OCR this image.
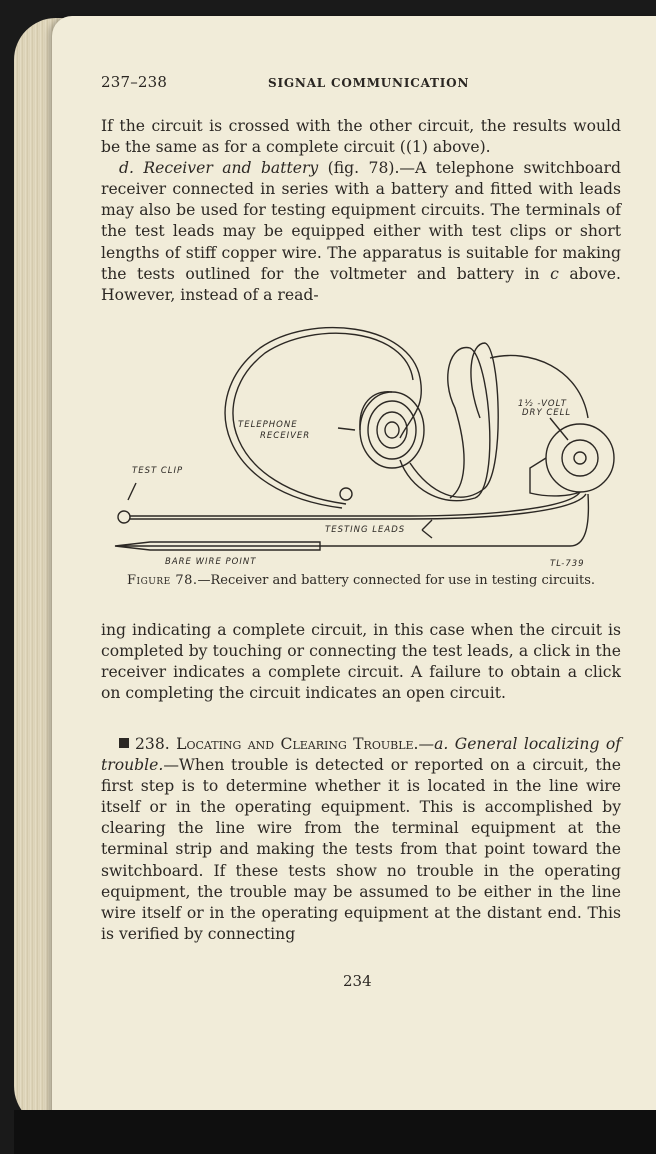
237–238	SIGNAL COMMUNICATION

If the circuit is crossed with the other circuit, the results would be the same as for a complete circuit ((1) above).

d. Receiver and battery (fig. 78).—A telephone switchboard receiver connected in series with a battery and fitted with leads may also be used for testing equipment circuits. The terminals of the test leads may be equipped either with test clips or short lengths of stiff copper wire. The apparatus is suitable for making the tests outlined for the voltmeter and battery in c above. However, instead of a read-

TELEPHONE
RECEIVER
1½ -VOLT
DRY CELL
TEST CLIP
TESTING LEADS
BARE WIRE POINT	TL-739
Figure 78.—Receiver and battery connected for use in testing circuits.

ing indicating a complete circuit, in this case when the circuit is completed by touching or connecting the test leads, a click in the receiver indicates a complete circuit. A failure to obtain a click on completing the circuit indicates an open circuit.

238. Locating and Clearing Trouble.—a. General localizing of trouble.—When trouble is detected or reported on a circuit, the first step is to determine whether it is located in the line wire itself or in the operating equipment. This is accomplished by clearing the line wire from the terminal equipment at the terminal strip and making the tests from that point toward the switchboard. If these tests show no trouble in the operating equipment, the trouble may be assumed to be either in the line wire itself or in the operating equipment at the distant end. This is verified by connecting

234
